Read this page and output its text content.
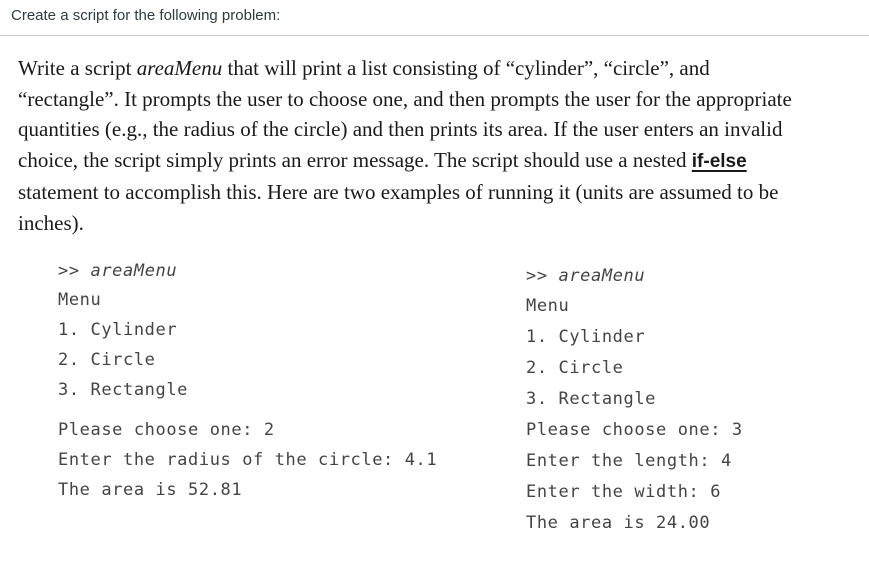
Create a script for the following problem:
Write a script areaMenu that will print a list consisting of “cylinder”, “circle”, and “rectangle”. It prompts the user to choose one, and then prompts the user for the appropriate quantities (e.g., the radius of the circle) and then prints its area. If the user enters an invalid choice, the script simply prints an error message. The script should use a nested if-else statement to accomplish this. Here are two examples of running it (units are assumed to be inches).
>> areaMenu
Menu
1. Cylinder
2. Circle
3. Rectangle
Please choose one: 2
Enter the radius of the circle: 4.1
The area is 52.81
>> areaMenu
Menu
1. Cylinder
2. Circle
3. Rectangle
Please choose one: 3
Enter the length: 4
Enter the width: 6
The area is 24.00
